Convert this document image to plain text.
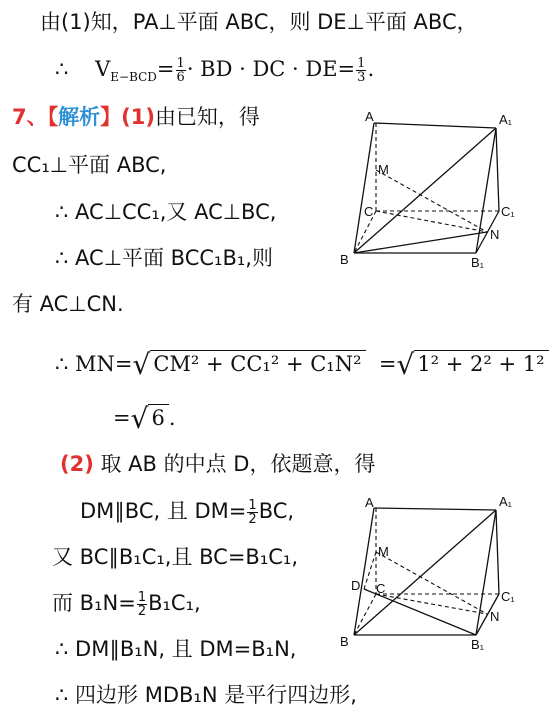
由(1)知，PA⊥平面 ABC，则 DE⊥平面 ABC，
∴ $V_{E-BCD}= \frac{1}{6}$ · BD · DC · $DE= \frac{1}{3}$ .
7、【解析】(1)由已知，得
CC₁⊥平面 ABC,
∴ AC⊥CC₁,又 AC⊥BC,
∴ AC⊥平面 BCC₁B₁,则
有 AC⊥CN.
∴ MN=√ CM² + CC₁² + C₁N² =√ 1² + 2² + 1²
=√ 6 .
(2) 取 AB 的中点 D，依题意，得
DM∥BC, 且 $DM= \frac{1}{2}$ BC,
又 BC∥B₁C₁,且 BC=B₁C₁,
而 $B_1N= \frac{1}{2} B_1C_1$,
∴ DM∥B₁N, 且 DM=B₁N,
∴ 四边形 MDB₁N 是平行四边形,
A	A₁
M
C	C₁
N
B	B₁
A	A₁
M
D C
C₁
N
B	B₁
